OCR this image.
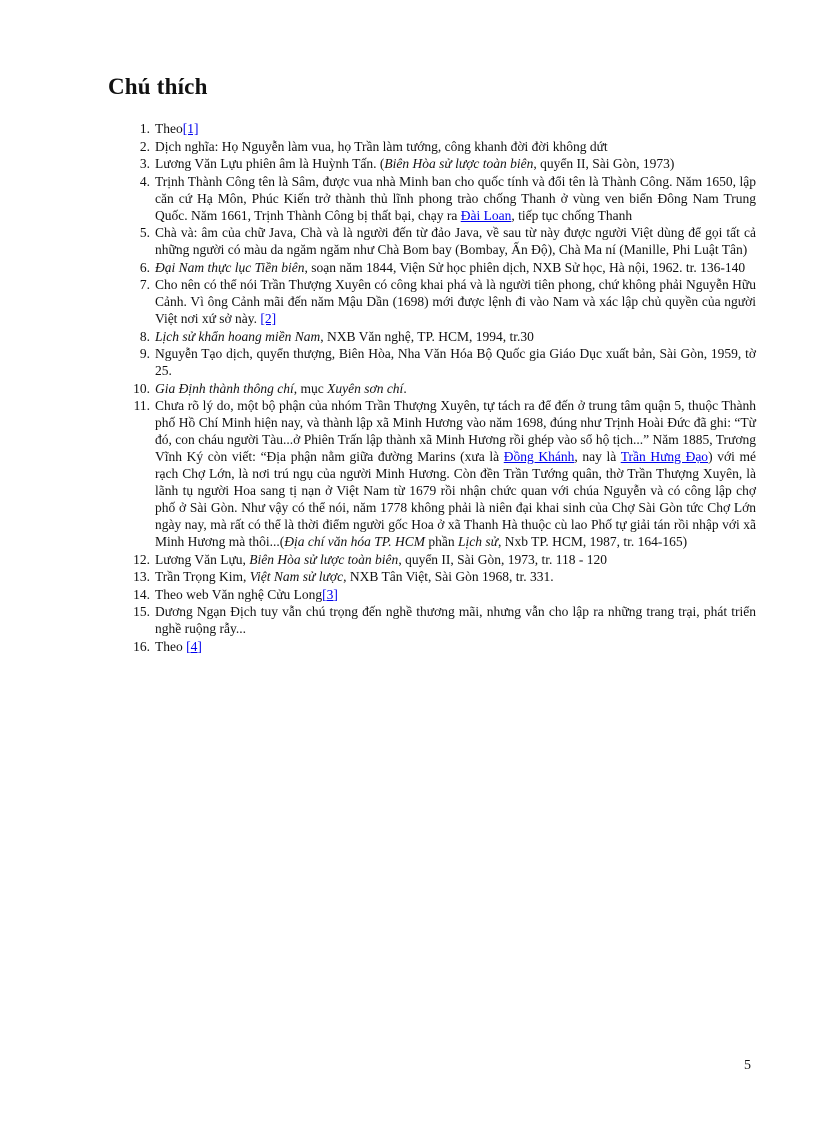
Chú thích
1. Theo[1]
2. Dịch nghĩa: Họ Nguyễn làm vua, họ Trần làm tướng, công khanh đời đời không dứt
3. Lương Văn Lựu phiên âm là Huỳnh Tấn. (Biên Hòa sử lược toàn biên, quyển II, Sài Gòn, 1973)
4. Trịnh Thành Công tên là Sâm, được vua nhà Minh ban cho quốc tính và đổi tên là Thành Công. Năm 1650, lập căn cứ Hạ Môn, Phúc Kiến trở thành thủ lĩnh phong trào chống Thanh ở vùng ven biển Đông Nam Trung Quốc. Năm 1661, Trịnh Thành Công bị thất bại, chạy ra Đài Loan, tiếp tục chống Thanh
5. Chà và: âm của chữ Java, Chà và là người đến từ đảo Java, về sau từ này được người Việt dùng để gọi tất cả những người có màu da ngăm ngăm như Chà Bom bay (Bombay, Ấn Độ), Chà Ma ní (Manille, Phi Luật Tân)
6. Đại Nam thực lục Tiền biên, soạn năm 1844, Viện Sử học phiên dịch, NXB Sử học, Hà nội, 1962. tr. 136-140
7. Cho nên có thể nói Trần Thượng Xuyên có công khai phá và là người tiên phong, chứ không phải Nguyễn Hữu Cảnh. Vì ông Cảnh mãi đến năm Mậu Dần (1698) mới được lệnh đi vào Nam và xác lập chủ quyền của người Việt nơi xứ sở này. [2]
8. Lịch sử khẩn hoang miền Nam, NXB Văn nghệ, TP. HCM, 1994, tr.30
9. Nguyễn Tạo dịch, quyển thượng, Biên Hòa, Nha Văn Hóa Bộ Quốc gia Giáo Dục xuất bản, Sài Gòn, 1959, tờ 25.
10. Gia Định thành thông chí, mục Xuyên sơn chí.
11. Chưa rõ lý do, một bộ phận của nhóm Trần Thượng Xuyên, tự tách ra để đến ở trung tâm quận 5, thuộc Thành phố Hồ Chí Minh hiện nay, và thành lập xã Minh Hương vào năm 1698, đúng như Trịnh Hoài Đức đã ghi: “Từ đó, con cháu người Tàu...ở Phiên Trấn lập thành xã Minh Hương rồi ghép vào sổ hộ tịch...” Năm 1885, Trương Vĩnh Ký còn viết: “Địa phận nằm giữa đường Marins (xưa là Đồng Khánh, nay là Trần Hưng Đạo) với mé rạch Chợ Lớn, là nơi trú ngụ của người Minh Hương. Còn đền Trần Tướng quân, thờ Trần Thượng Xuyên, là lãnh tụ người Hoa sang tị nạn ở Việt Nam từ 1679 rồi nhận chức quan với chúa Nguyễn và có công lập chợ phố ở Sài Gòn. Như vậy có thể nói, năm 1778 không phải là niên đại khai sinh của Chợ Sài Gòn tức Chợ Lớn ngày nay, mà rất có thể là thời điểm người gốc Hoa ở xã Thanh Hà thuộc cù lao Phố tự giải tán rồi nhập với xã Minh Hương mà thôi...(Địa chí văn hóa TP. HCM phần Lịch sử, Nxb TP. HCM, 1987, tr. 164-165)
12. Lương Văn Lựu, Biên Hòa sử lược toàn biên, quyển II, Sài Gòn, 1973, tr. 118 - 120
13. Trần Trọng Kim, Việt Nam sử lược, NXB Tân Việt, Sài Gòn 1968, tr. 331.
14. Theo web Văn nghệ Cửu Long[3]
15. Dương Ngạn Địch tuy vẫn chú trọng đến nghề thương mãi, nhưng vẫn cho lập ra những trang trại, phát triển nghề ruộng rẫy...
16. Theo [4]
5
